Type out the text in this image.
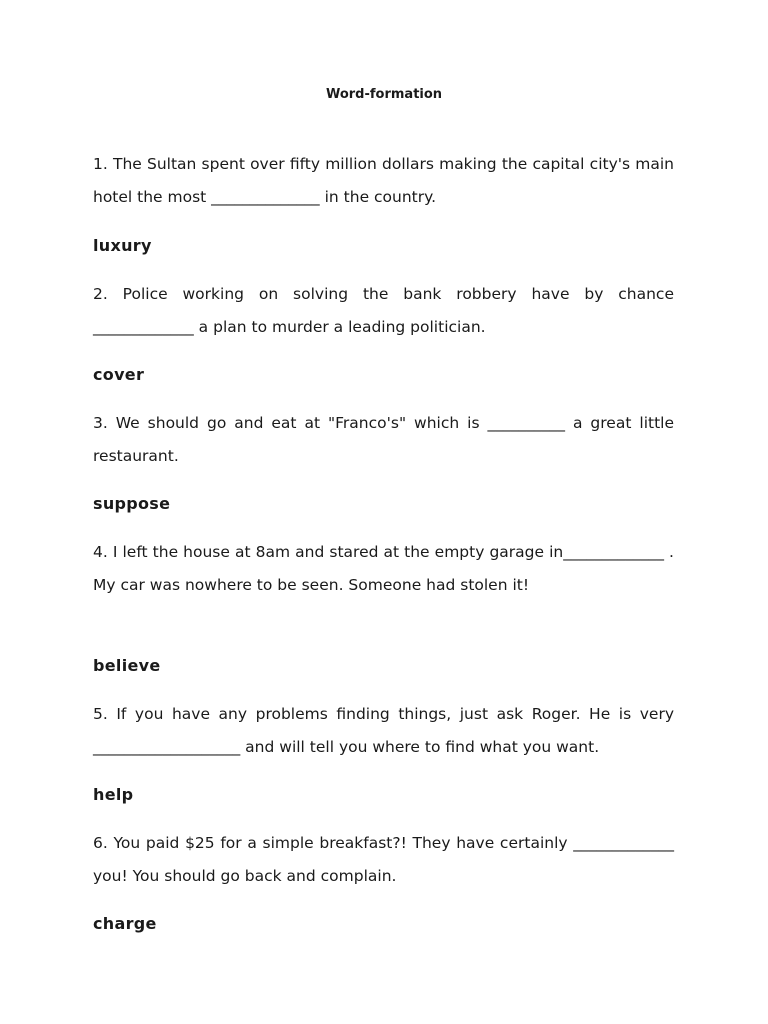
Word-formation
1. The Sultan spent over fifty million dollars making the capital city's main hotel the most ______________ in the country.
luxury
2. Police working on solving the bank robbery have by chance _____________ a plan to murder a leading politician.
cover
3. We should go and eat at "Franco's" which is __________ a great little restaurant.
suppose
4. I left the house at 8am and stared at the empty garage in_____________ . My car was nowhere to be seen. Someone had stolen it!
believe
5. If you have any problems finding things, just ask Roger. He is very ___________________ and will tell you where to find what you want.
help
6. You paid $25 for a simple breakfast?! They have certainly _____________ you! You should go back and complain.
charge
